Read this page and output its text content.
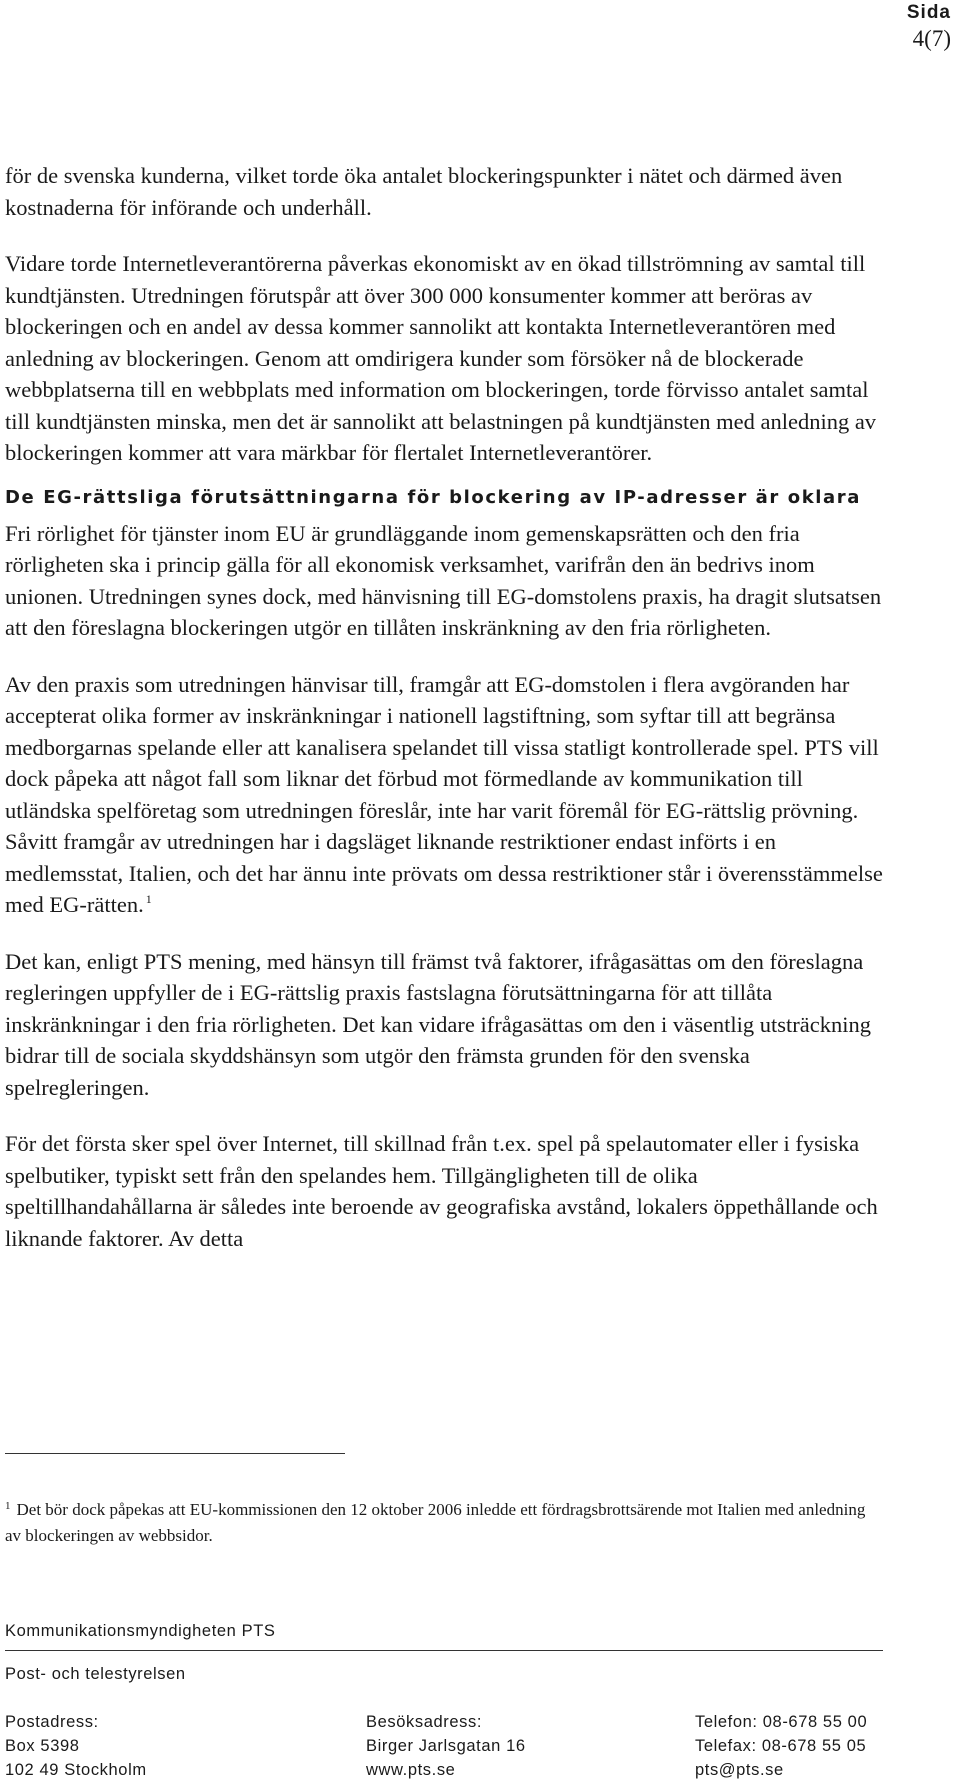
Sida
4(7)

för de svenska kunderna, vilket torde öka antalet blockeringspunkter i nätet och därmed även kostnaderna för införande och underhåll.

Vidare torde Internetleverantörerna påverkas ekonomiskt av en ökad tillströmning av samtal till kundtjänsten. Utredningen förutspår att över 300 000 konsumenter kommer att beröras av blockeringen och en andel av dessa kommer sannolikt att kontakta Internetleverantören med anledning av blockeringen. Genom att omdirigera kunder som försöker nå de blockerade webbplatserna till en webbplats med information om blockeringen, torde förvisso antalet samtal till kundtjänsten minska, men det är sannolikt att belastningen på kundtjänsten med anledning av blockeringen kommer att vara märkbar för flertalet Internetleverantörer.

De EG-rättsliga förutsättningarna för blockering av IP-adresser är oklara

Fri rörlighet för tjänster inom EU är grundläggande inom gemenskapsrätten och den fria rörligheten ska i princip gälla för all ekonomisk verksamhet, varifrån den än bedrivs inom unionen. Utredningen synes dock, med hänvisning till EG-domstolens praxis, ha dragit slutsatsen att den föreslagna blockeringen utgör en tillåten inskränkning av den fria rörligheten.

Av den praxis som utredningen hänvisar till, framgår att EG-domstolen i flera avgöranden har accepterat olika former av inskränkningar i nationell lagstiftning, som syftar till att begränsa medborgarnas spelande eller att kanalisera spelandet till vissa statligt kontrollerade spel. PTS vill dock påpeka att något fall som liknar det förbud mot förmedlande av kommunikation till utländska spelföretag som utredningen föreslår, inte har varit föremål för EG-rättslig prövning. Såvitt framgår av utredningen har i dagsläget liknande restriktioner endast införts i en medlemsstat, Italien, och det har ännu inte prövats om dessa restriktioner står i överensstämmelse med EG-rätten. $^1$

Det kan, enligt PTS mening, med hänsyn till främst två faktorer, ifrågasättas om den föreslagna regleringen uppfyller de i EG-rättslig praxis fastslagna förutsättningarna för att tillåta inskränkningar i den fria rörligheten. Det kan vidare ifrågasättas om den i väsentlig utsträckning bidrar till de sociala skyddshänsyn som utgör den främsta grunden för den svenska spelregleringen.

För det första sker spel över Internet, till skillnad från t.ex. spel på spelautomater eller i fysiska spelbutiker, typiskt sett från den spelandes hem. Tillgängligheten till de olika speltillhandahållarna är således inte beroende av geografiska avstånd, lokalers öppethållande och liknande faktorer. Av detta

$^1$ Det bör dock påpekas att EU-kommissionen den 12 oktober 2006 inledde ett fördragsbrottsärende mot Italien med anledning av blockeringen av webbsidor.
Kommunikationsmyndigheten PTS
Post- och telestyrelsen
Postadress:
Box 5398
102 49 Stockholm
Besöksadress:
Birger Jarlsgatan 16
www.pts.se
Telefon: 08-678 55 00
Telefax: 08-678 55 05
pts@pts.se
